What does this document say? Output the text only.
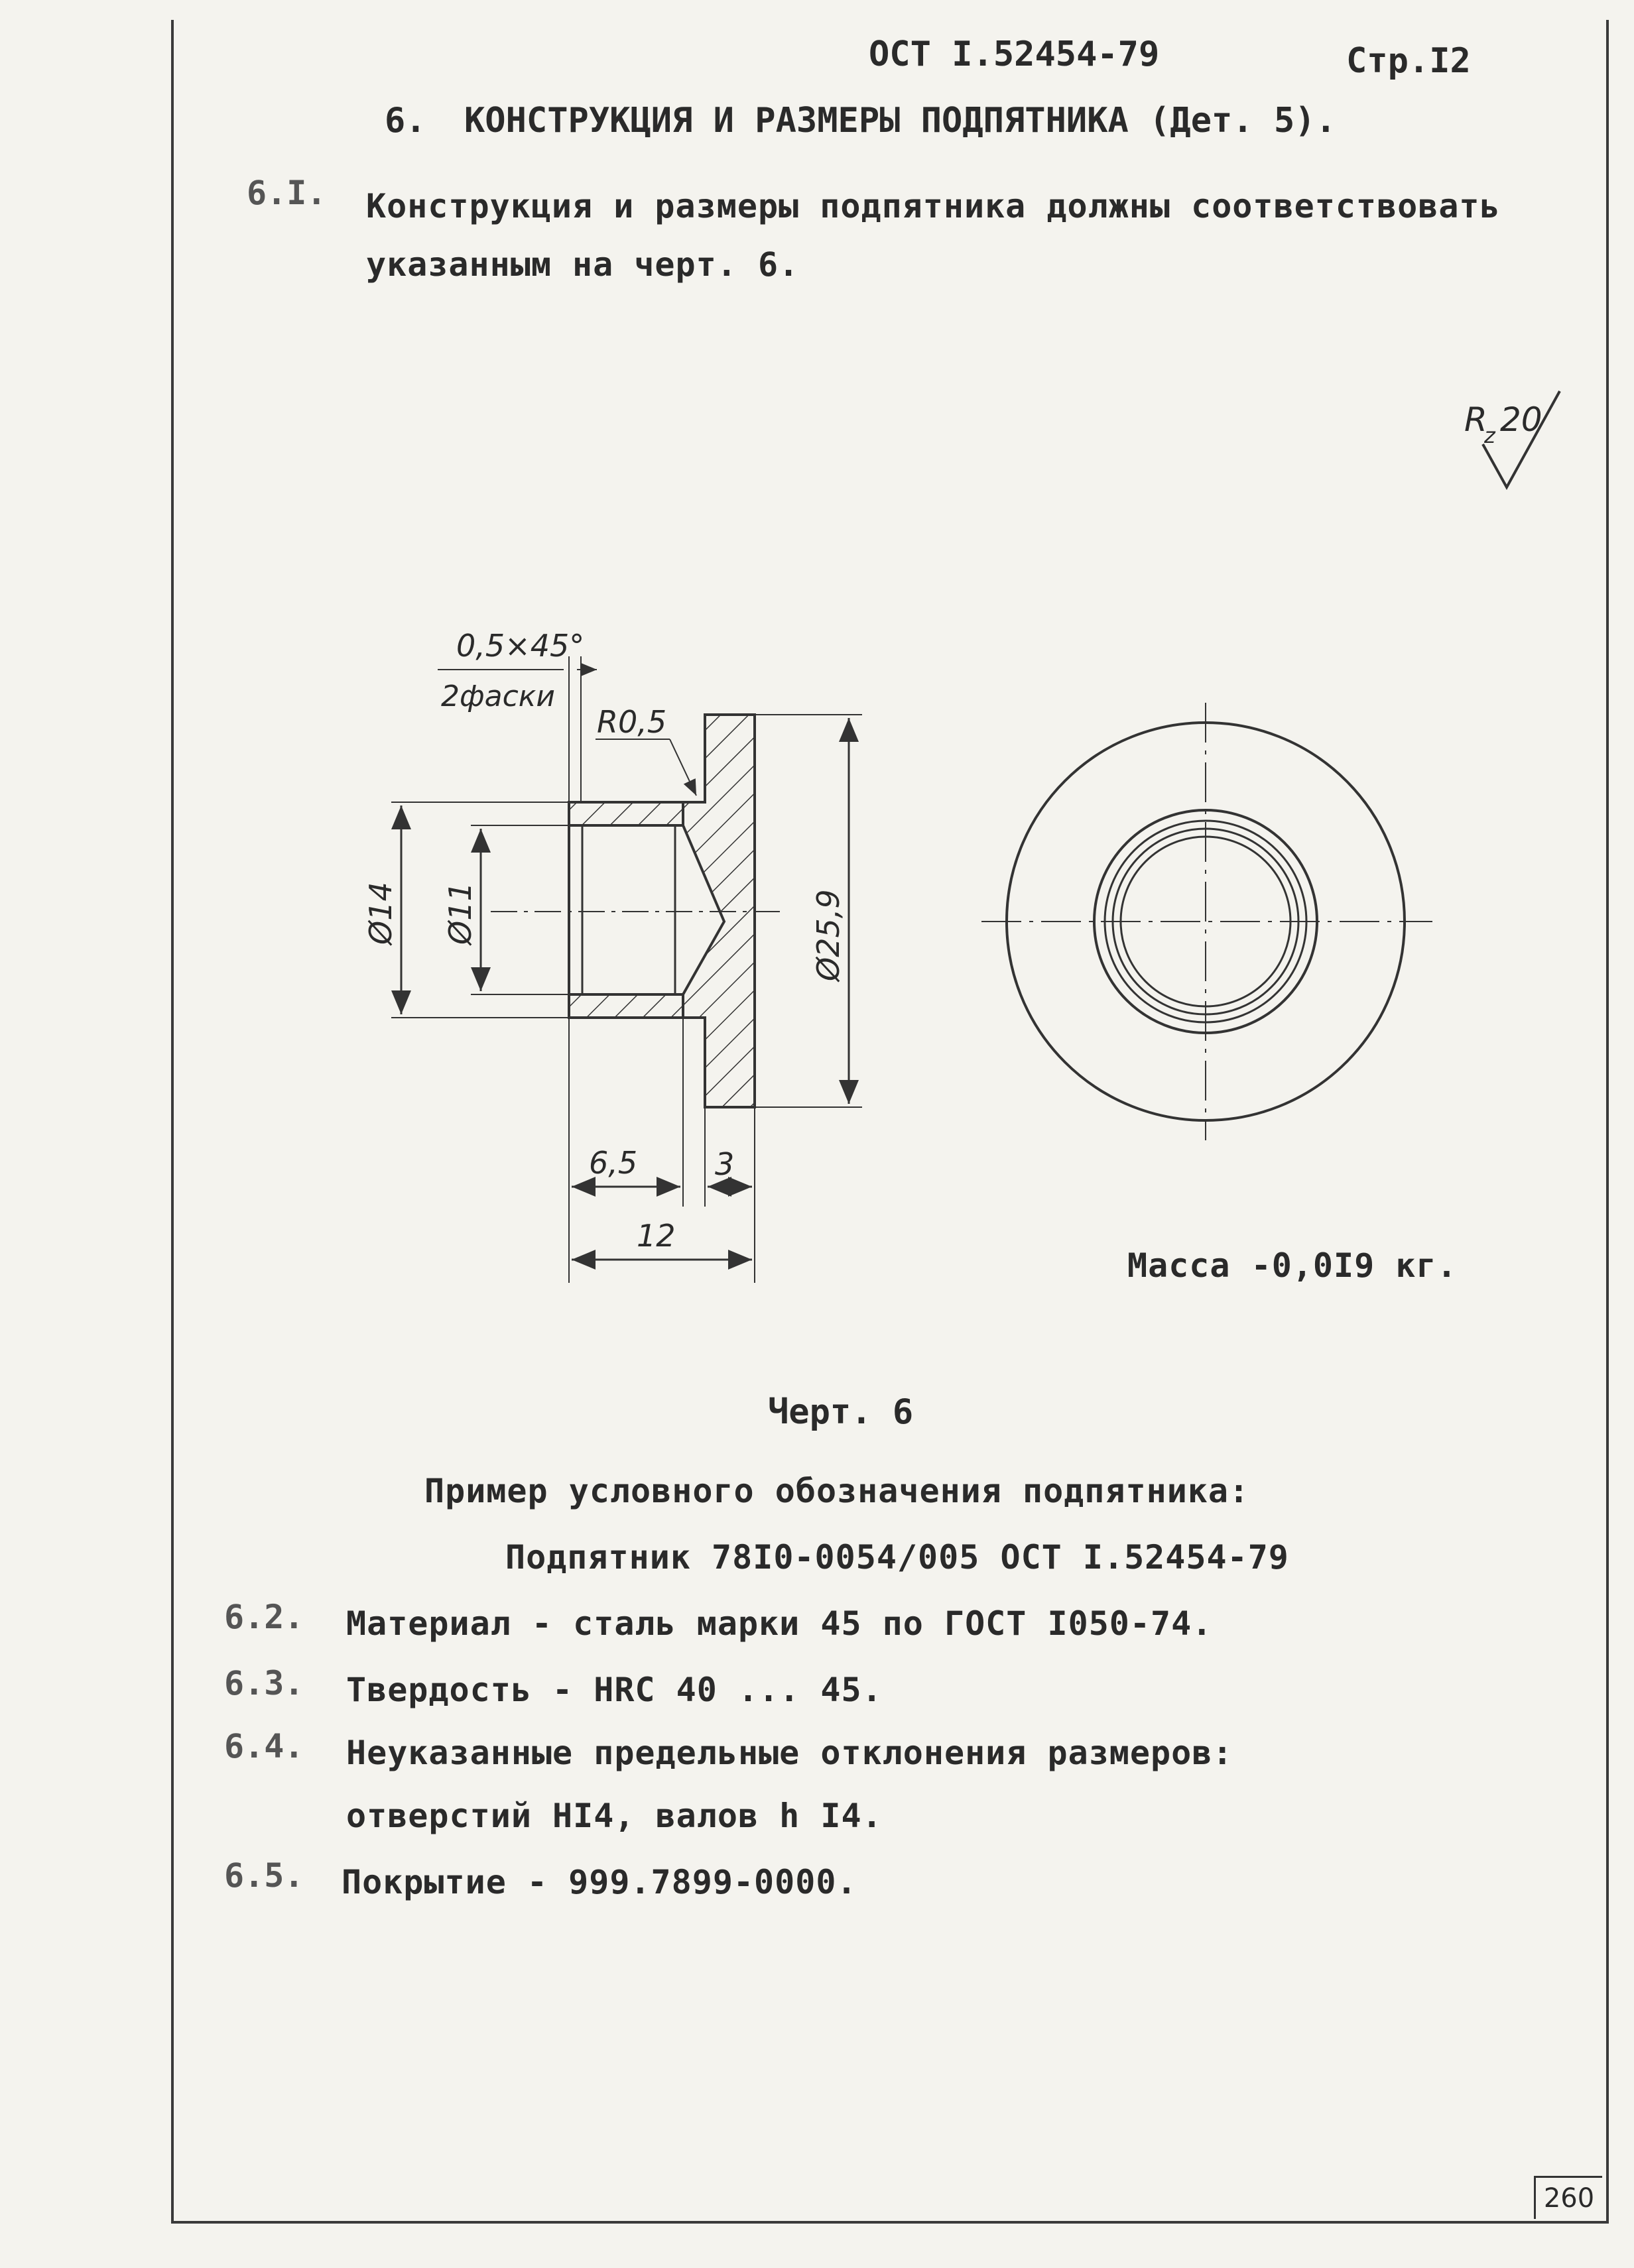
ОСТ I.52454-79	Стр.I2
6. КОНСТРУКЦИЯ И РАЗМЕРЫ ПОДПЯТНИКА (Дет. 5).
6.I. Конструкция и размеры подпятника должны соответствовать
указанным на черт. 6.
R
z 20
Ø14 Ø11	Ø25,9
0,5×45°
2фаски
R0,5
6,5	3
12
Масса -0,0I9 кг.
Черт. 6
Пример условного обозначения подпятника:
Подпятник 78I0-0054/005 ОСТ I.52454-79
6.2. Материал - сталь марки 45 по ГОСТ I050-74.
6.3. Твердость - HRC 40 ... 45.
6.4. Неуказанные предельные отклонения размеров:
отверстий HI4, валов h I4.
6.5. Покрытие - 999.7899-0000.
260
